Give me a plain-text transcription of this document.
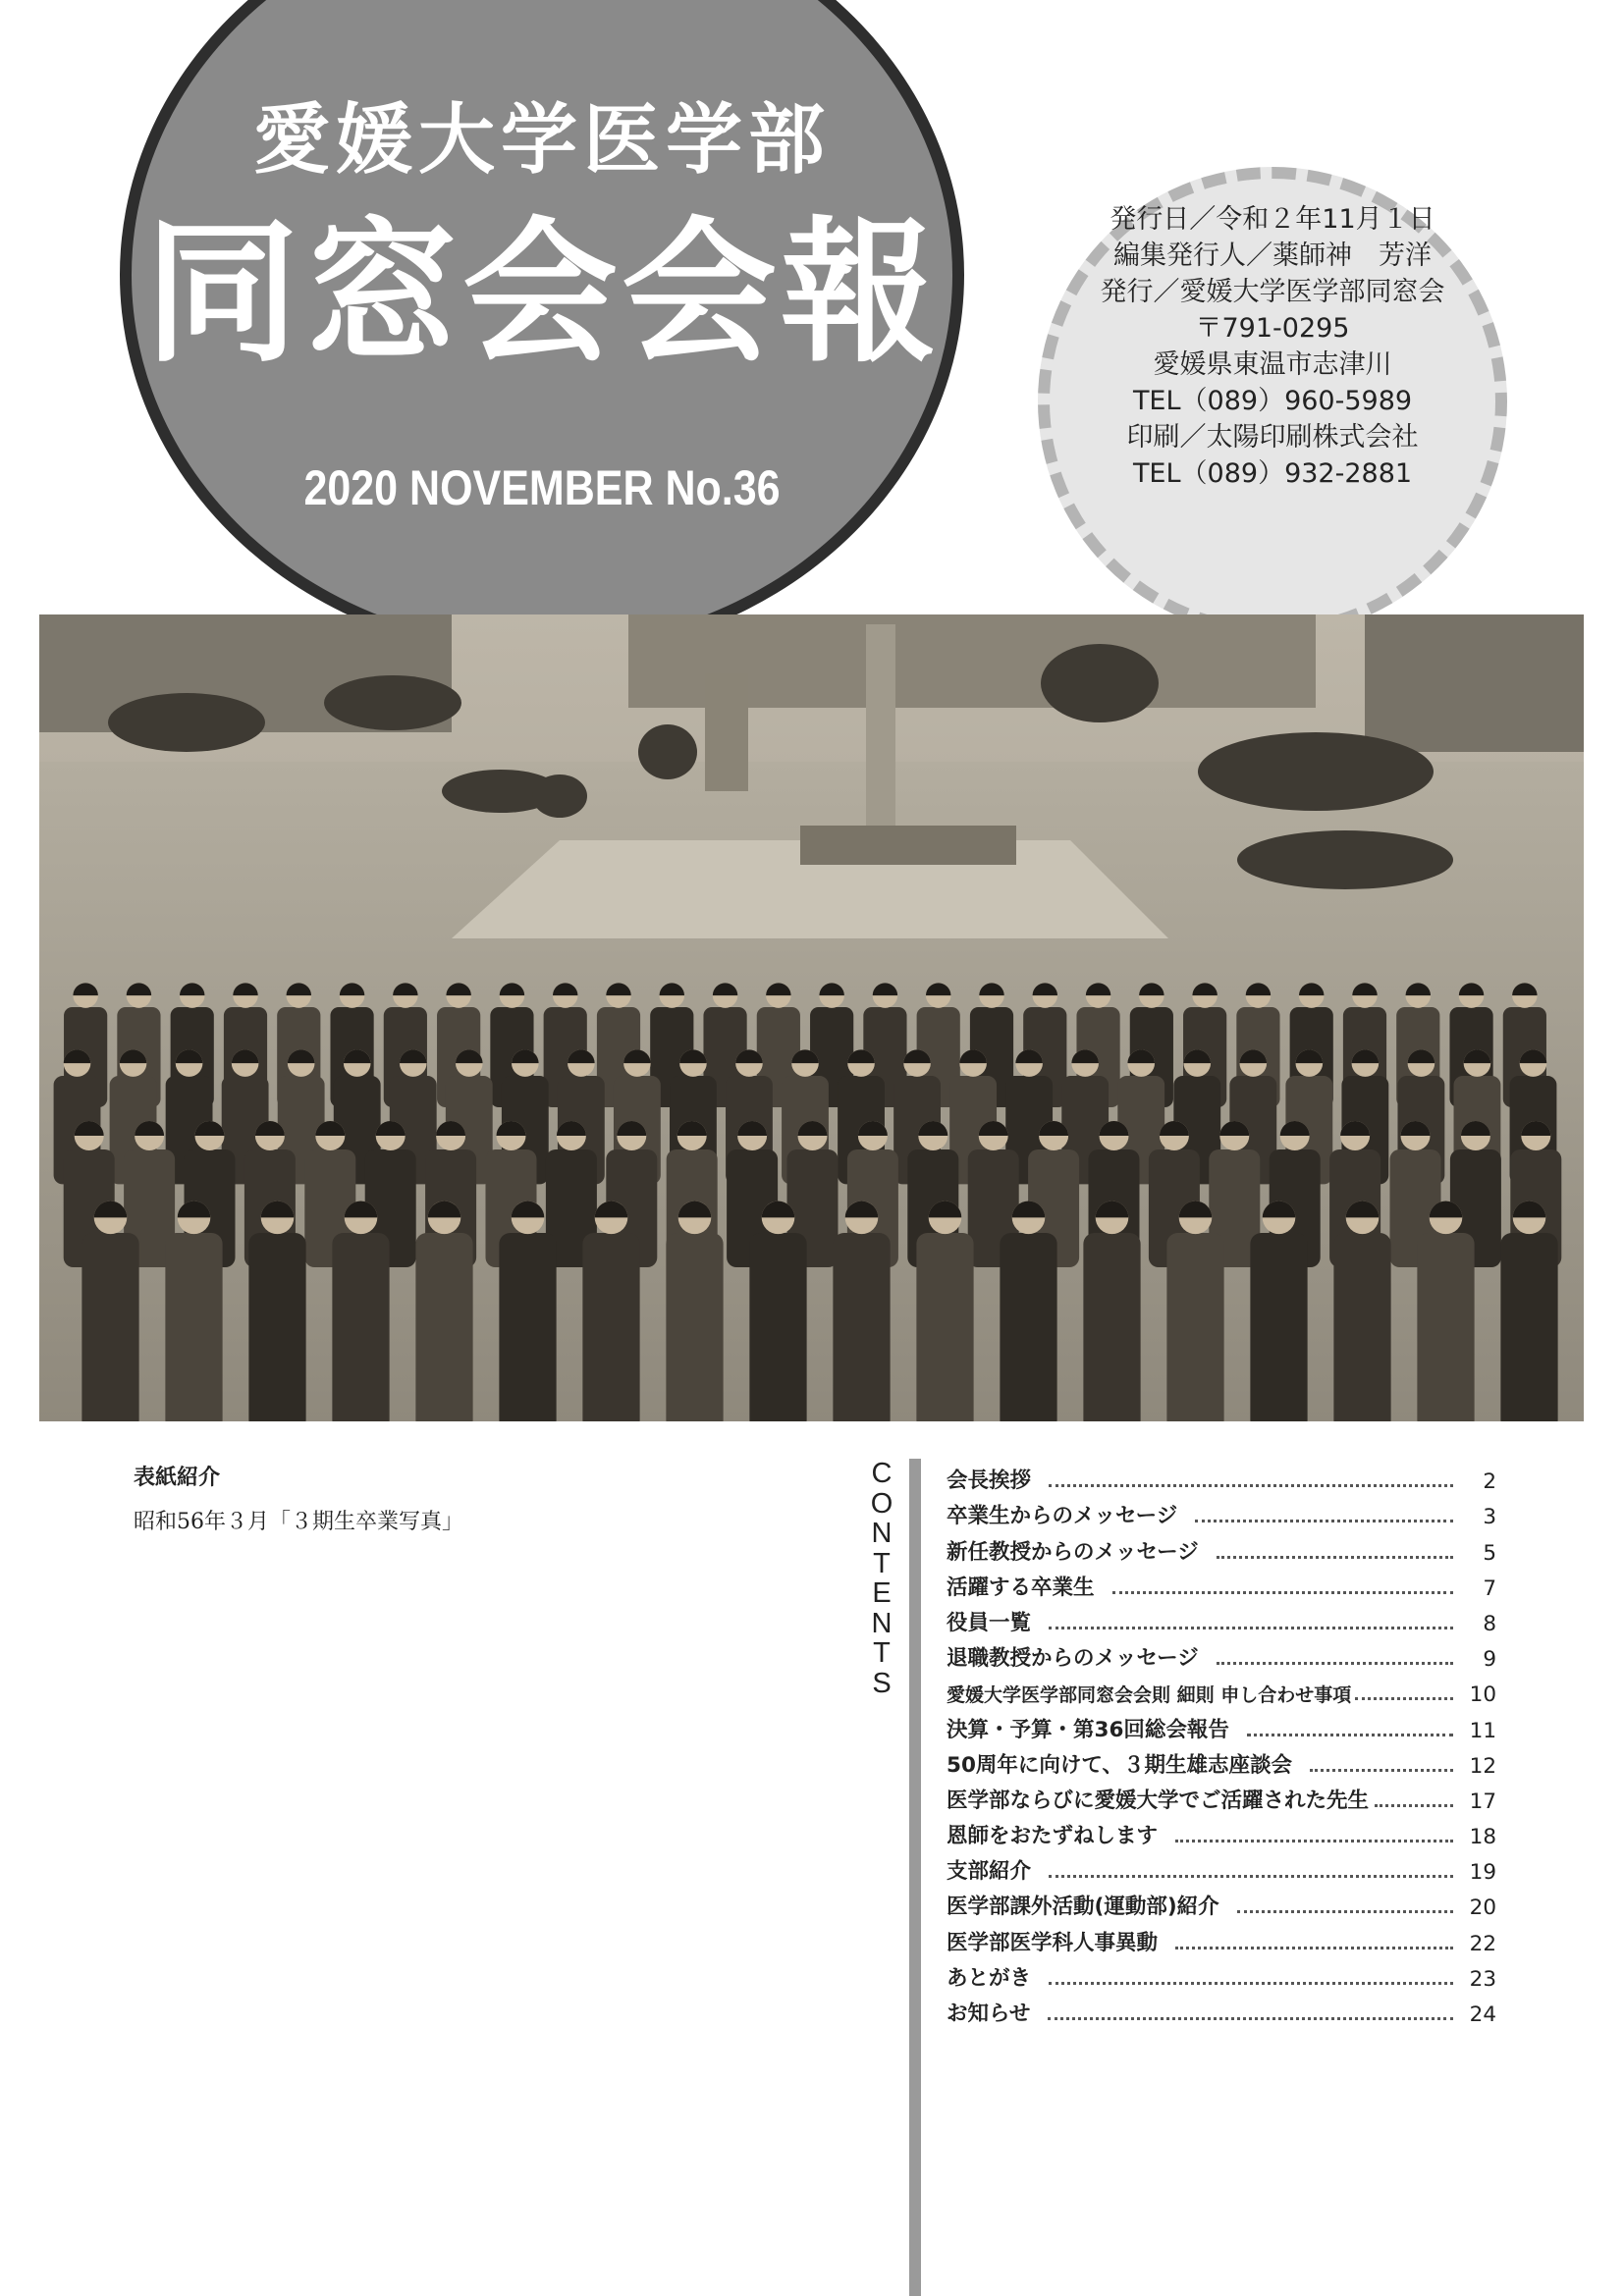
愛媛大学医学部
同窓会会報
2020 NOVEMBER No.36
発行日／令和２年11月１日
編集発行人／薬師神　芳洋
発行／愛媛大学医学部同窓会
〒791-0295
愛媛県東温市志津川
TEL（089）960-5989
印刷／太陽印刷株式会社
TEL（089）932-2881
表紙紹介
昭和56年３月「３期生卒業写真」
C
O
N
T
E
N
T
S
会長挨拶	2
卒業生からのメッセージ	3
新任教授からのメッセージ	5
活躍する卒業生	7
役員一覧	8
退職教授からのメッセージ	9
愛媛大学医学部同窓会会則 細則 申し合わせ事項	10
決算・予算・第36回総会報告	11
50周年に向けて、３期生雄志座談会	12
医学部ならびに愛媛大学でご活躍された先生	17
恩師をおたずねします	18
支部紹介	19
医学部課外活動(運動部)紹介	20
医学部医学科人事異動	22
あとがき	23
お知らせ	24
